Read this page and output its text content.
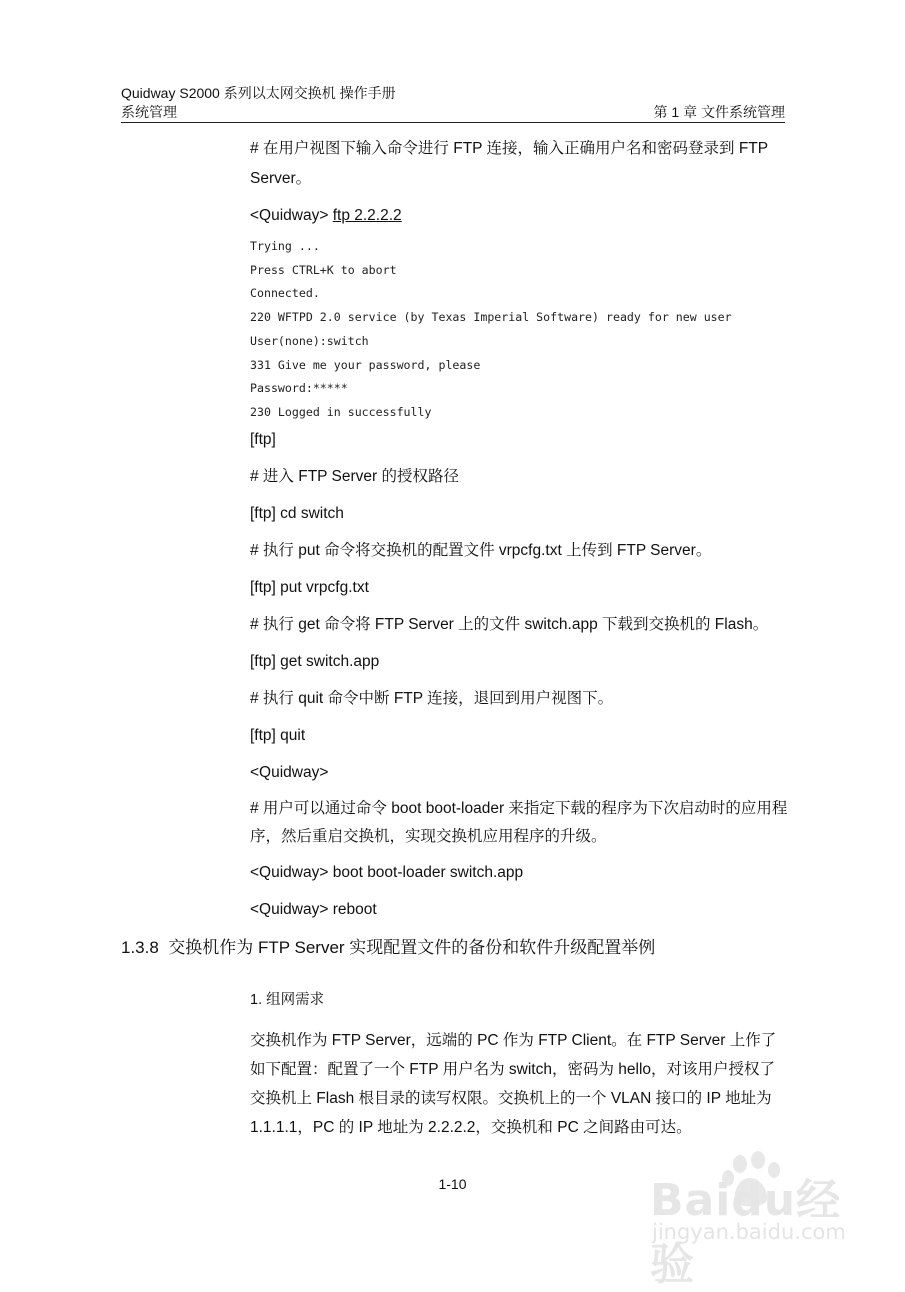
Quidway S2000 系列以太网交换机 操作手册
系统管理	第 1 章 文件系统管理

# 在用户视图下输入命令进行 FTP 连接，输入正确用户名和密码登录到 FTP Server。

<Quidway> ftp 2.2.2.2

Trying ...

Press CTRL+K to abort

Connected.

220 WFTPD 2.0 service (by Texas Imperial Software) ready for new user

User(none):switch

331 Give me your password, please

Password:*****

230 Logged in successfully

[ftp]

# 进入 FTP Server 的授权路径

[ftp] cd switch

# 执行 put 命令将交换机的配置文件 vrpcfg.txt 上传到 FTP Server。

[ftp] put vrpcfg.txt

# 执行 get 命令将 FTP Server 上的文件 switch.app 下载到交换机的 Flash。

[ftp] get switch.app

# 执行 quit 命令中断 FTP 连接，退回到用户视图下。

[ftp] quit

<Quidway>

# 用户可以通过命令 boot boot-loader 来指定下载的程序为下次启动时的应用程序，然后重启交换机，实现交换机应用程序的升级。

<Quidway> boot boot-loader switch.app

<Quidway> reboot

1.3.8 交换机作为 FTP Server 实现配置文件的备份和软件升级配置举例

1. 组网需求

交换机作为 FTP Server，远端的 PC 作为 FTP Client。在 FTP Server 上作了如下配置：配置了一个 FTP 用户名为 switch，密码为 hello，对该用户授权了交换机上 Flash 根目录的读写权限。交换机上的一个 VLAN 接口的 IP 地址为 1.1.1.1，PC 的 IP 地址为 2.2.2.2，交换机和 PC 之间路由可达。

1-10	Baidu经验
jingyan.baidu.com
